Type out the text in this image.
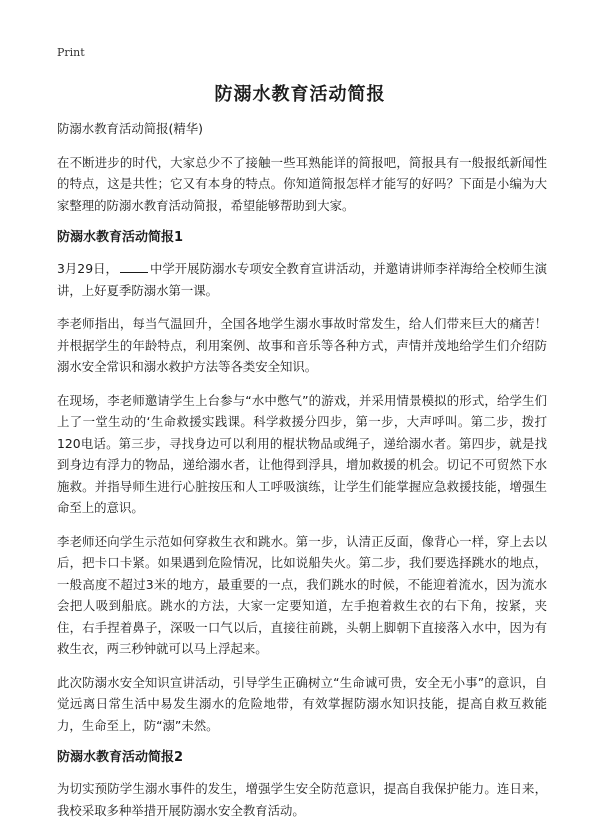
Print
防溺水教育活动简报

防溺水教育活动简报(精华)

在不断进步的时代，大家总少不了接触一些耳熟能详的简报吧，简报具有一般报纸新闻性的特点，这是共性；它又有本身的特点。你知道简报怎样才能写的好吗？下面是小编为大家整理的防溺水教育活动简报，希望能够帮助到大家。

防溺水教育活动简报1

3月29日，	中学开展防溺水专项安全教育宣讲活动，并邀请讲师李祥海给全校师生演讲，上好夏季防溺水第一课。

李老师指出，每当气温回升，全国各地学生溺水事故时常发生，给人们带来巨大的痛苦！并根据学生的年龄特点，利用案例、故事和音乐等各种方式，声情并茂地给学生们介绍防溺水安全常识和溺水救护方法等各类安全知识。

在现场，李老师邀请学生上台参与“水中憋气”的游戏，并采用情景模拟的形式，给学生们上了一堂生动的‘生命救援实践课。科学救援分四步，第一步，大声呼叫。第二步，拨打120电话。第三步，寻找身边可以利用的棍状物品或绳子，递给溺水者。第四步，就是找到身边有浮力的物品，递给溺水者，让他得到浮具，增加救援的机会。切记不可贸然下水施救。并指导师生进行心脏按压和人工呼吸演练，让学生们能掌握应急救援技能，增强生命至上的意识。

李老师还向学生示范如何穿救生衣和跳水。第一步，认清正反面，像背心一样，穿上去以后，把卡口卡紧。如果遇到危险情况，比如说船失火。第二步，我们要选择跳水的地点，一般高度不超过3米的地方，最重要的一点，我们跳水的时候，不能迎着流水，因为流水会把人吸到船底。跳水的方法，大家一定要知道，左手抱着救生衣的右下角，按紧，夹住，右手捏着鼻子，深吸一口气以后，直接往前跳，头朝上脚朝下直接落入水中，因为有救生衣，两三秒钟就可以马上浮起来。

此次防溺水安全知识宣讲活动，引导学生正确树立“生命诚可贵，安全无小事”的意识，自觉远离日常生活中易发生溺水的危险地带，有效掌握防溺水知识技能，提高自救互救能力，生命至上，防“溺”未然。

防溺水教育活动简报2

为切实预防学生溺水事件的发生，增强学生安全防范意识，提高自我保护能力。连日来，我校采取多种举措开展防溺水安全教育活动。
